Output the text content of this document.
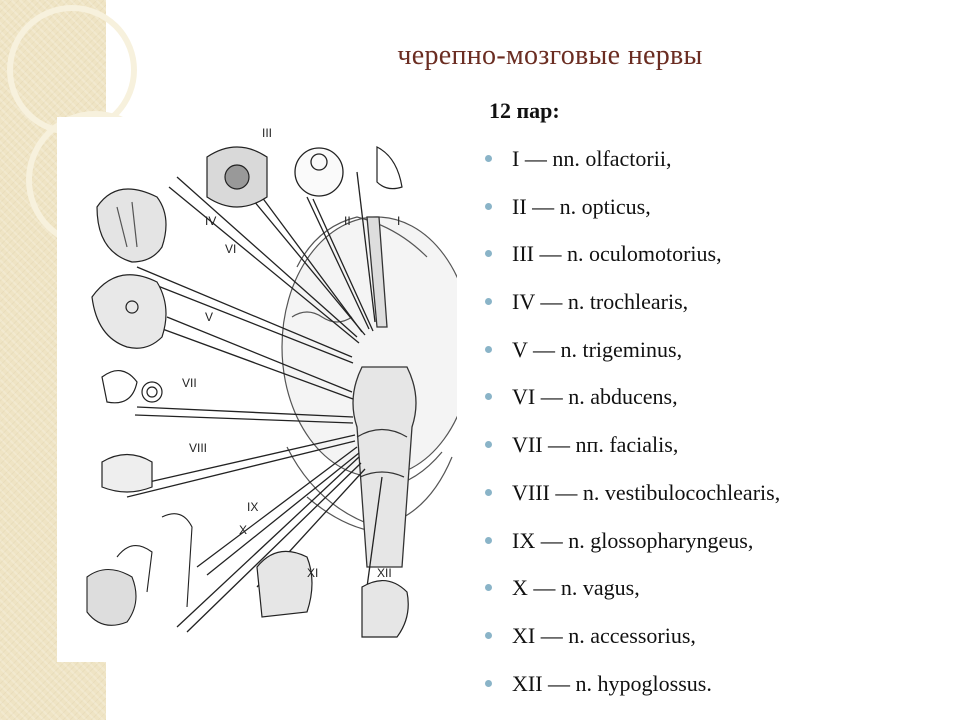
черепно-мозговые нервы
12 пар:
I — nn. olfactorii,
II — n. opticus,
III — n. oculomotorius,
IV — n. trochlearis,
V — n. trigeminus,
VI — n. abducens,
VII — nп. facialis,
VIII — n. vestibulocochlearis,
IX — n. glossopharyngeus,
X — n. vagus,
XI — n. accessorius,
XII — n. hypoglossus.
III
IV
VI
II	I
V
VII
VIII
IX
X
XI	XII
